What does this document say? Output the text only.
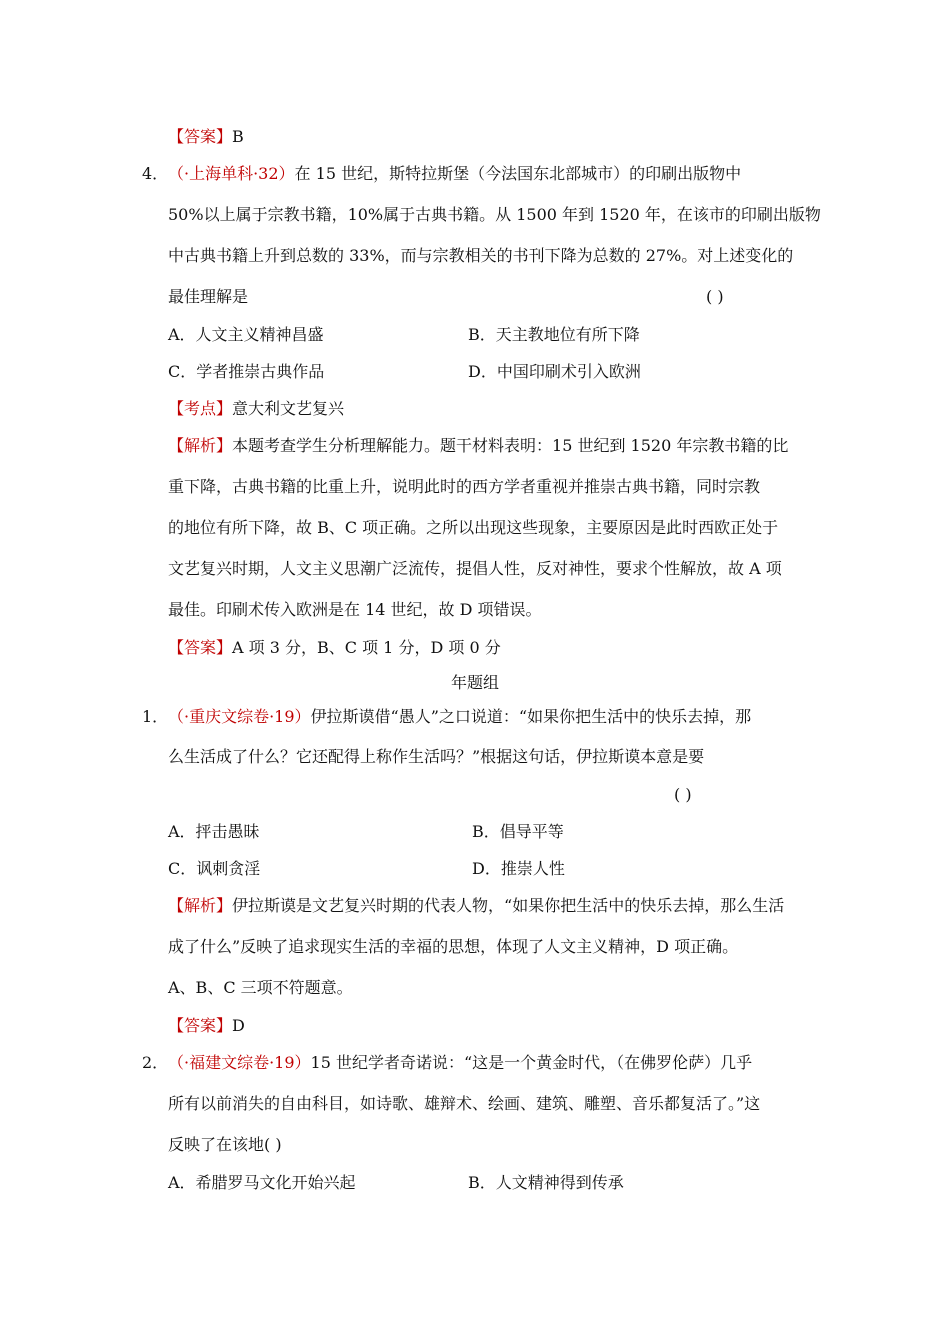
【答案】B
4．（·上海单科·32）在 15 世纪，斯特拉斯堡（今法国东北部城市）的印刷出版物中
50%以上属于宗教书籍，10%属于古典书籍。从 1500 年到 1520 年，在该市的印刷出版物
中古典书籍上升到总数的 33%，而与宗教相关的书刊下降为总数的 27%。对上述变化的
最佳理解是	( )
A．人文主义精神昌盛	B．天主教地位有所下降
C．学者推崇古典作品	D．中国印刷术引入欧洲
【考点】意大利文艺复兴
【解析】本题考查学生分析理解能力。题干材料表明：15 世纪到 1520 年宗教书籍的比
重下降，古典书籍的比重上升，说明此时的西方学者重视并推崇古典书籍，同时宗教
的地位有所下降，故 B、C 项正确。之所以出现这些现象，主要原因是此时西欧正处于
文艺复兴时期，人文主义思潮广泛流传，提倡人性，反对神性，要求个性解放，故 A 项
最佳。印刷术传入欧洲是在 14 世纪，故 D 项错误。
【答案】A 项 3 分，B、C 项 1 分，D 项 0 分
年题组
1．（·重庆文综卷·19）伊拉斯谟借“愚人”之口说道：“如果你把生活中的快乐去掉，那
么生活成了什么？它还配得上称作生活吗？”根据这句话，伊拉斯谟本意是要
( )
A．抨击愚昧	B．倡导平等
C．讽刺贪淫	D．推崇人性
【解析】伊拉斯谟是文艺复兴时期的代表人物，“如果你把生活中的快乐去掉，那么生活
成了什么”反映了追求现实生活的幸福的思想，体现了人文主义精神，D 项正确。
A、B、C 三项不符题意。
【答案】D
2．（·福建文综卷·19）15 世纪学者奇诺说：“这是一个黄金时代，（在佛罗伦萨）几乎
所有以前消失的自由科目，如诗歌、雄辩术、绘画、建筑、雕塑、音乐都复活了。”这
反映了在该地( )
A．希腊罗马文化开始兴起	B．人文精神得到传承
